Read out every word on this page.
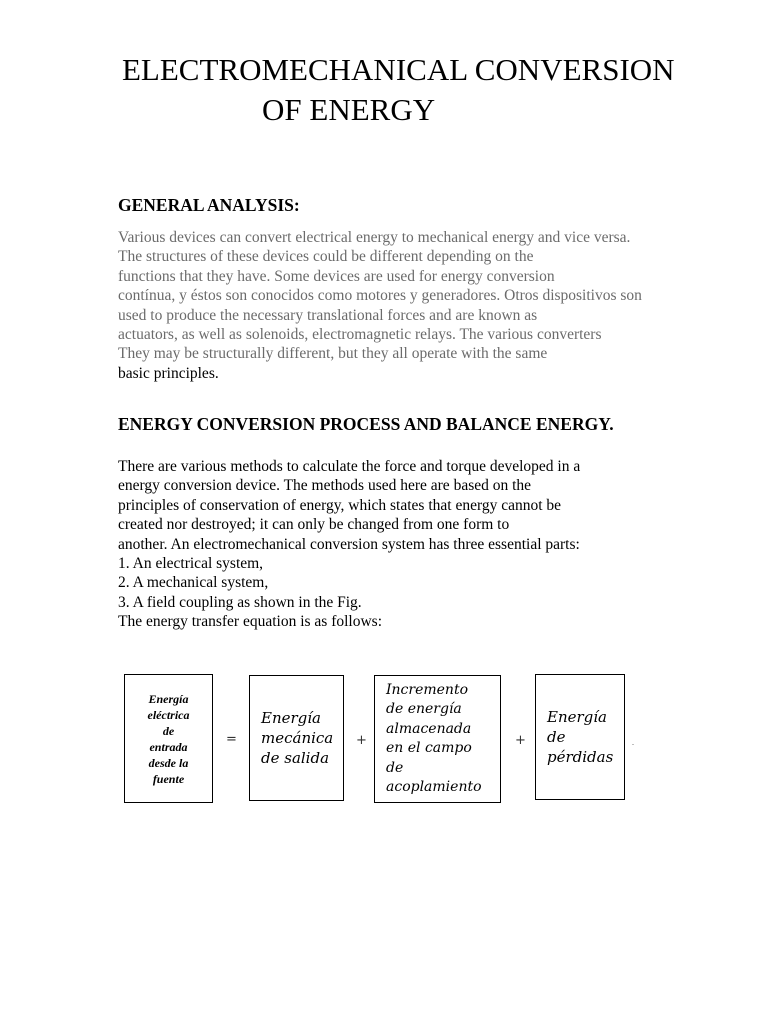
ELECTROMECHANICAL CONVERSION
OF ENERGY
GENERAL ANALYSIS:

Various devices can convert electrical energy to mechanical energy and vice versa.
The structures of these devices could be different depending on the
functions that they have. Some devices are used for energy conversion
contínua, y éstos son conocidos como motores y generadores. Otros dispositivos son
used to produce the necessary translational forces and are known as
actuators, as well as solenoids, electromagnetic relays. The various converters
They may be structurally different, but they all operate with the same
basic principles.

ENERGY CONVERSION PROCESS AND BALANCE ENERGY.

There are various methods to calculate the force and torque developed in a
energy conversion device. The methods used here are based on the
principles of conservation of energy, which states that energy cannot be
created nor destroyed; it can only be changed from one form to
another. An electromechanical conversion system has three essential parts:
1. An electrical system,
2. A mechanical system,
3. A field coupling as shown in the Fig.
The energy transfer equation is as follows:

Energía
eléctrica
de
entrada
desde la
fuente
=
Energía
mecánica
de salida
+
Incremento
de energía
almacenada
en el campo
de
acoplamiento
+
Energía
de
pérdidas
.
